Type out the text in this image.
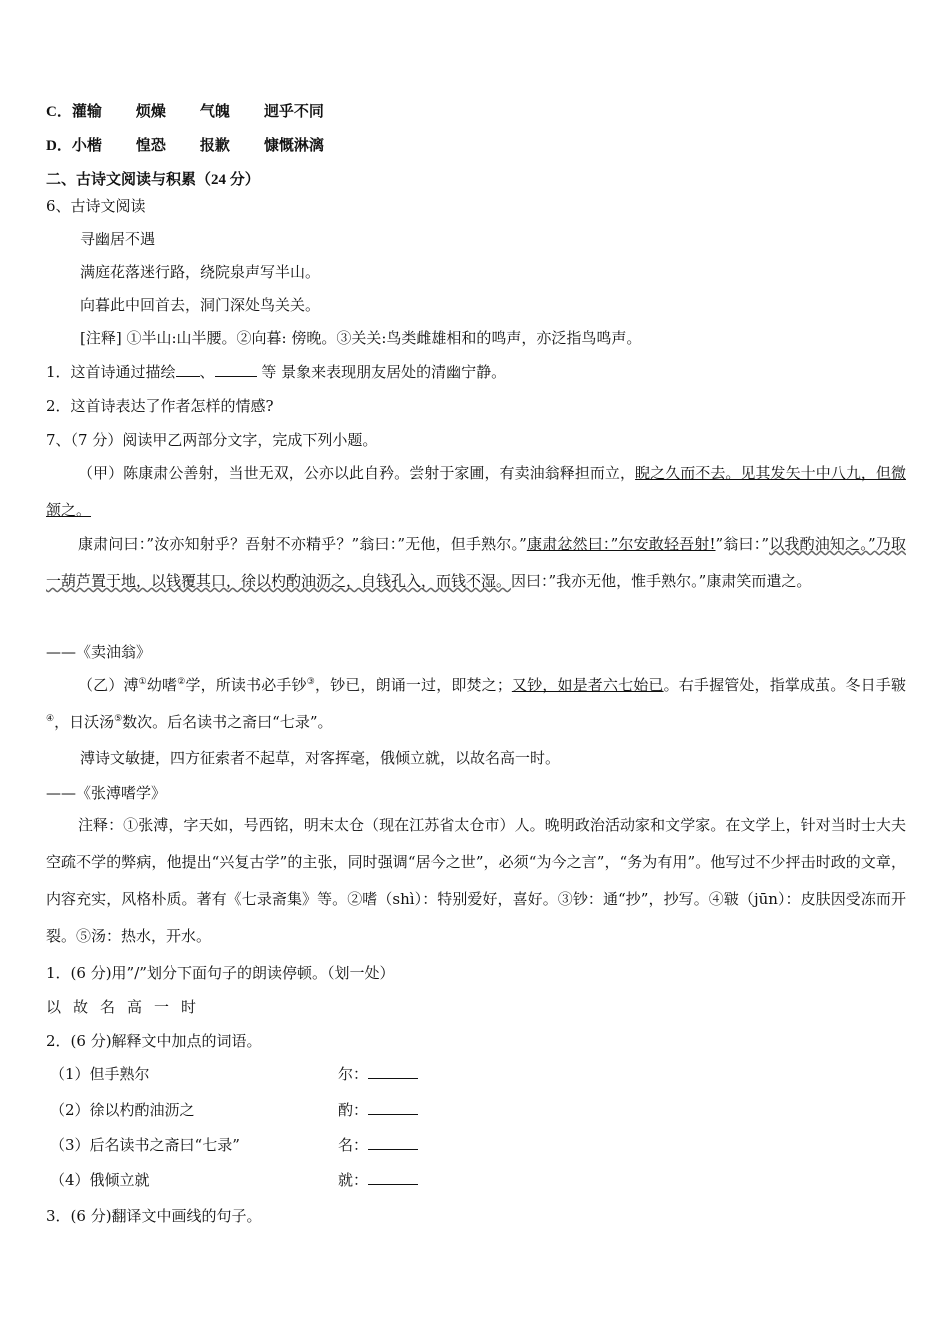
C．灌输 烦燥 气魄 迥乎不同
D．小楷 惶恐 报歉 慷慨淋漓
二、古诗文阅读与积累（24 分）
6、古诗文阅读
寻幽居不遇
满庭花落迷行路，绕院泉声写半山。
向暮此中回首去，洞门深处鸟关关。
[注释] ①半山:山半腰。②向暮: 傍晚。③关关:鸟类雌雄相和的鸣声，亦泛指鸟鸣声。
1．这首诗通过描绘 、	等 景象来表现朋友居处的清幽宁静。
2．这首诗表达了作者怎样的情感?
7、（7 分）阅读甲乙两部分文字，完成下列小题。
（甲）陈康肃公善射，当世无双，公亦以此自矜。尝射于家圃，有卖油翁释担而立，睨之久而不去。见其发矢十中八九，但微颔之。
康肃问曰：”汝亦知射乎？吾射不亦精乎？”翁曰：”无他，但手熟尔。”康肃忿然曰：”尔安敢轻吾射!”翁曰：”以我酌油知之。”乃取一葫芦置于地，以钱覆其口，徐以杓酌油沥之，自钱孔入，而钱不湿。因曰：”我亦无他，惟手熟尔。”康肃笑而遣之。
——《卖油翁》
（乙）溥①幼嗜②学，所读书必手钞③，钞已，朗诵一过，即焚之；又钞，如是者六七始已。右手握管处，指掌成茧。冬日手皲④，日沃汤⑤数次。后名读书之斋曰“七录”。
溥诗文敏捷，四方征索者不起草，对客挥毫，俄倾立就，以故名高一时。
——《张溥嗜学》
注释：①张溥，字天如，号西铭，明末太仓（现在江苏省太仓市）人。晚明政治活动家和文学家。在文学上，针对当时士大夫空疏不学的弊病，他提出“兴复古学”的主张，同时强调“居今之世”，必须“为今之言”，“务为有用”。他写过不少抨击时政的文章，内容充实，风格朴质。著有《七录斋集》等。②嗜（shì）：特别爱好，喜好。③钞：通“抄”，抄写。④皲（jūn）：皮肤因受冻而开裂。⑤汤：热水，开水。
1．(6 分)用”/”划分下面句子的朗读停顿。（划一处）
以故名高一时
2．(6 分)解释文中加点的词语。
（1）但手熟尔	尔：
（2）徐以杓酌油沥之	酌：
（3）后名读书之斋曰“七录”	名：
（4）俄倾立就	就：
3．(6 分)翻译文中画线的句子。
